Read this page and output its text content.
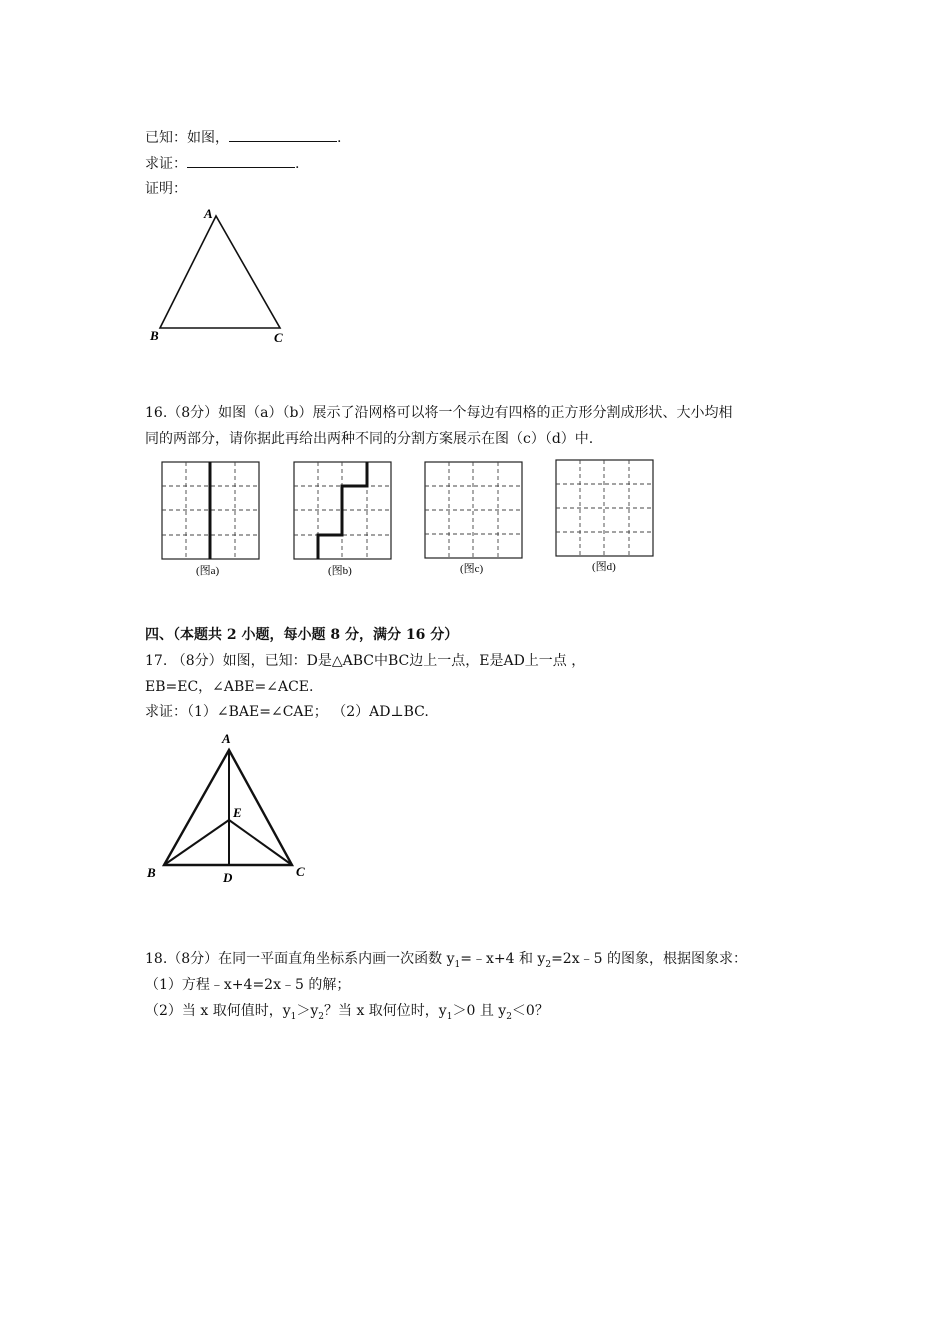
已知：如图，	.
求证：	.
证明：
A
B	C
16.（8分）如图（a）（b）展示了沿网格可以将一个每边有四格的正方形分割成形状、大小均相
同的两部分，请你据此再给出两种不同的分割方案展示在图（c）（d）中.
(图a)	(图b)	(图c)	(图d)
四、（本题共 2 小题，每小题 8 分，满分 16 分）
17. （8分）如图，已知：D是△ABC中BC边上一点，E是AD上一点 ，
EB=EC，∠ABE=∠ACE.
求证：（1）∠BAE=∠CAE； （2）AD⊥BC.
A
B	C
D
E
18.（8分）在同一平面直角坐标系内画一次函数 $y_1=﹣x+4$ 和 $y_2=2x﹣5$ 的图象，根据图象求：
（1）方程﹣x+4=2x﹣5 的解；
（2）当 x 取何值时，$y_1>y_2$？当 x 取何位时，$y_1>0$ 且 $y_2<0$？
